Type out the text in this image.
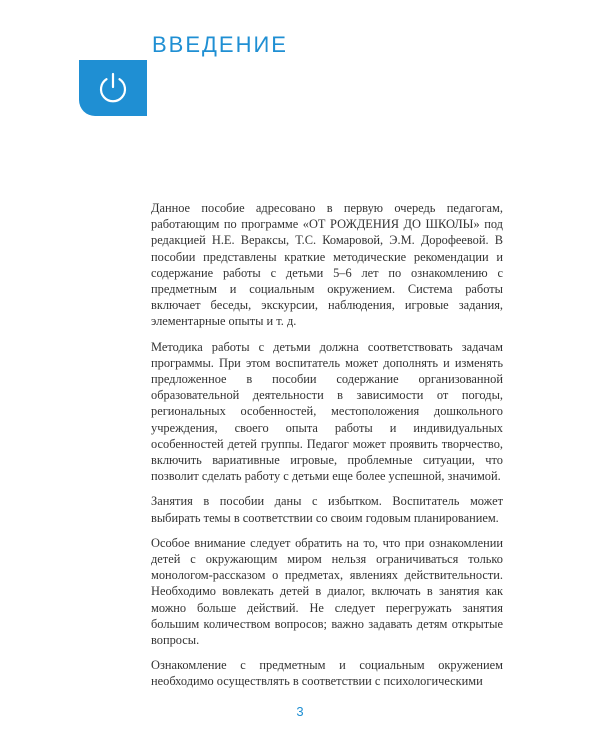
ВВЕДЕНИЕ

Данное пособие адресовано в первую очередь педагогам, работающим по программе «ОТ РОЖДЕНИЯ ДО ШКОЛЫ» под редакцией Н.Е. Веракcы, Т.С. Комаровой, Э.М. Дорофеевой. В пособии представлены краткие методические рекомендации и содержание работы с детьми 5–6 лет по ознакомлению с предметным и социальным окружением. Система работы включает беседы, экскурсии, наблюдения, игровые задания, элементарные опыты и т. д.

Методика работы с детьми должна соответствовать задачам программы. При этом воспитатель может дополнять и изменять предложенное в пособии содержание организованной образовательной деятельности в зависимости от погоды, региональных особенностей, местоположения дошкольного учреждения, своего опыта работы и индивидуальных особенностей детей группы. Педагог может проявить творчество, включить вариативные игровые, проблемные ситуации, что позволит сделать работу с детьми еще более успешной, значимой.

Занятия в пособии даны с избытком. Воспитатель может выбирать темы в соответствии со своим годовым планированием.

Особое внимание следует обратить на то, что при ознакомлении детей с окружающим миром нельзя ограничиваться только монологом-рассказом о предметах, явлениях действительности. Необходимо вовлекать детей в диалог, включать в занятия как можно больше действий. Не следует перегружать занятия большим количеством вопросов; важно задавать детям открытые вопросы.

Ознакомление с предметным и социальным окружением необходимо осуществлять в соответствии с психологическими

3
